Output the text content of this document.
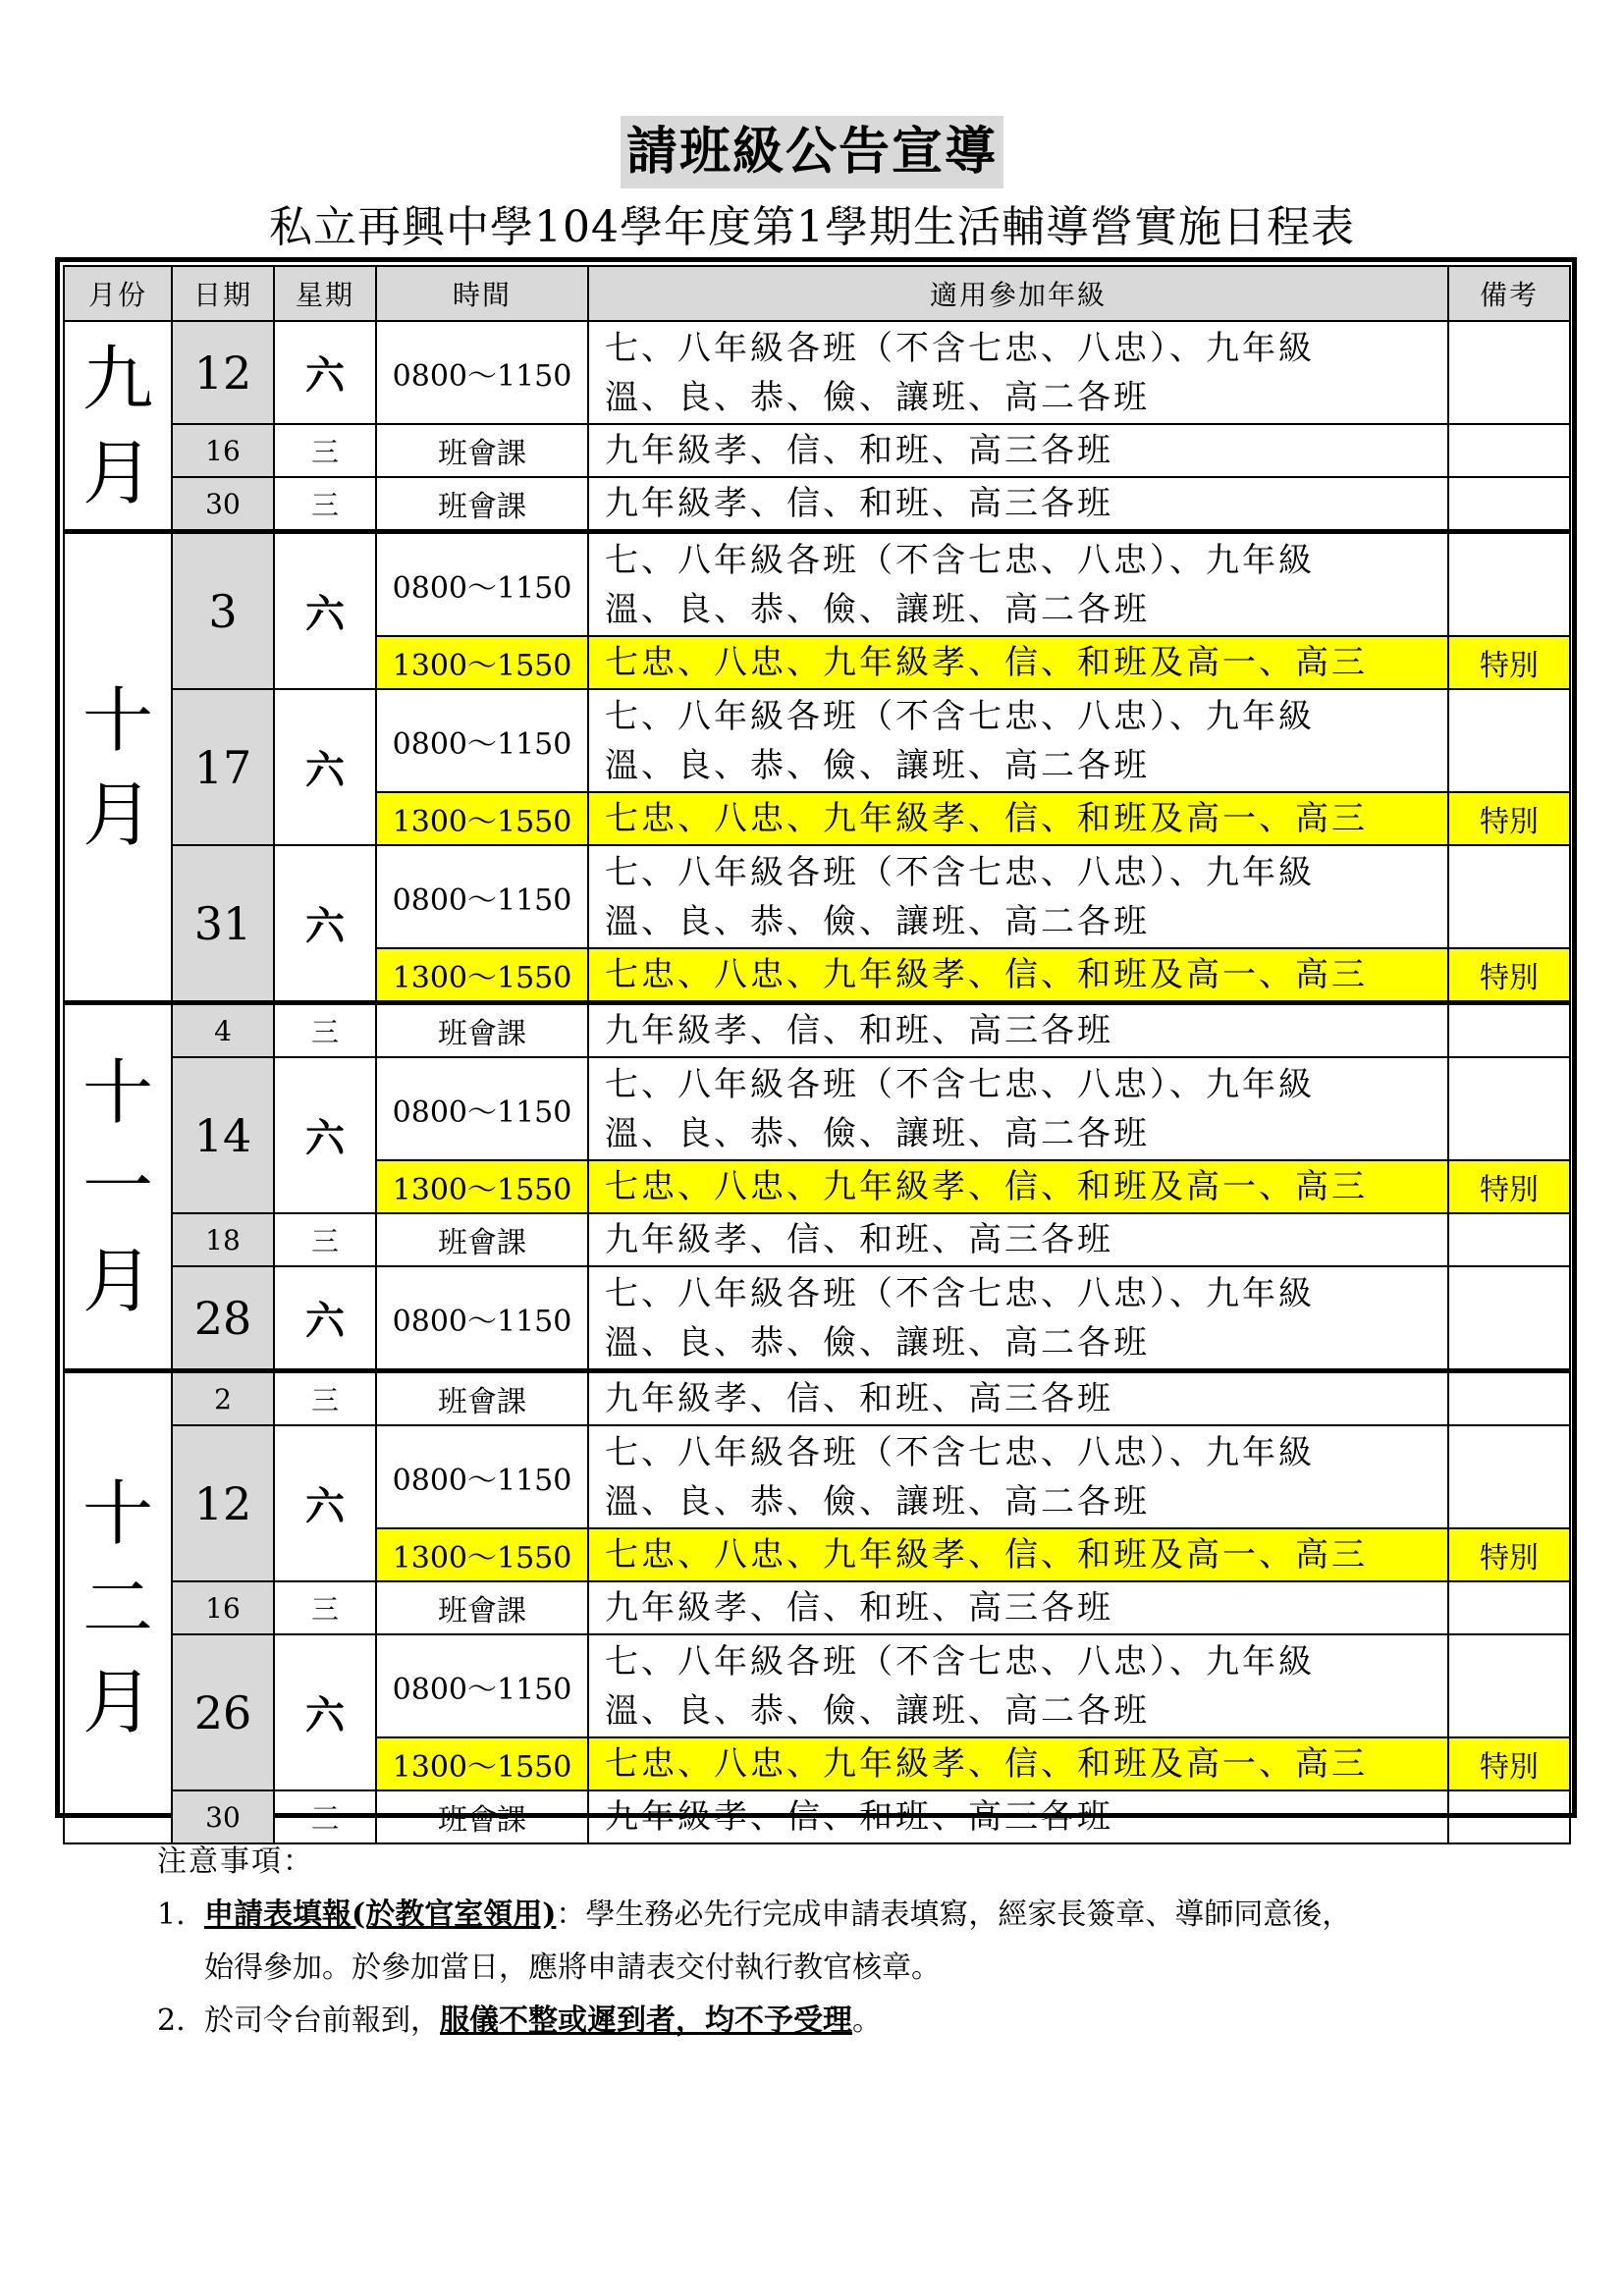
請班級公告宣導
私立再興中學104學年度第1學期生活輔導營實施日程表
月份	日期	星期	時間	適用參加年級	備考

九
月	12	六	0800～1150	七、八年級各班（不含七忠、八忠）、九年級
溫、良、恭、儉、讓班、高二各班	
	16	三	班會課	九年級孝、信、和班、高三各班	
	30	三	班會課	九年級孝、信、和班、高三各班	

十
月	3	六	0800～1150	七、八年級各班（不含七忠、八忠）、九年級
溫、良、恭、儉、讓班、高二各班	
			1300～1550	七忠、八忠、九年級孝、信、和班及高一、高三	特別
	17	六	0800～1150	七、八年級各班（不含七忠、八忠）、九年級
溫、良、恭、儉、讓班、高二各班	
			1300～1550	七忠、八忠、九年級孝、信、和班及高一、高三	特別
	31	六	0800～1150	七、八年級各班（不含七忠、八忠）、九年級
溫、良、恭、儉、讓班、高二各班	
			1300～1550	七忠、八忠、九年級孝、信、和班及高一、高三	特別

十
一
月	4	三	班會課	九年級孝、信、和班、高三各班	
	14	六	0800～1150	七、八年級各班（不含七忠、八忠）、九年級
溫、良、恭、儉、讓班、高二各班	
			1300～1550	七忠、八忠、九年級孝、信、和班及高一、高三	特別
	18	三	班會課	九年級孝、信、和班、高三各班	
	28	六	0800～1150	七、八年級各班（不含七忠、八忠）、九年級
溫、良、恭、儉、讓班、高二各班	

十
二
月	2	三	班會課	九年級孝、信、和班、高三各班	
	12	六	0800～1150	七、八年級各班（不含七忠、八忠）、九年級
溫、良、恭、儉、讓班、高二各班	
			1300～1550	七忠、八忠、九年級孝、信、和班及高一、高三	特別
	16	三	班會課	九年級孝、信、和班、高三各班	
	26	六	0800～1150	七、八年級各班（不含七忠、八忠）、九年級
溫、良、恭、儉、讓班、高二各班	
			1300～1550	七忠、八忠、九年級孝、信、和班及高一、高三	特別
	30	三	班會課	九年級孝、信、和班、高三各班	
注意事項：
1. 申請表填報(於教官室領用)：學生務必先行完成申請表填寫，經家長簽章、導師同意後，
始得參加。於參加當日，應將申請表交付執行教官核章。
2. 於司令台前報到，服儀不整或遲到者，均不予受理。
